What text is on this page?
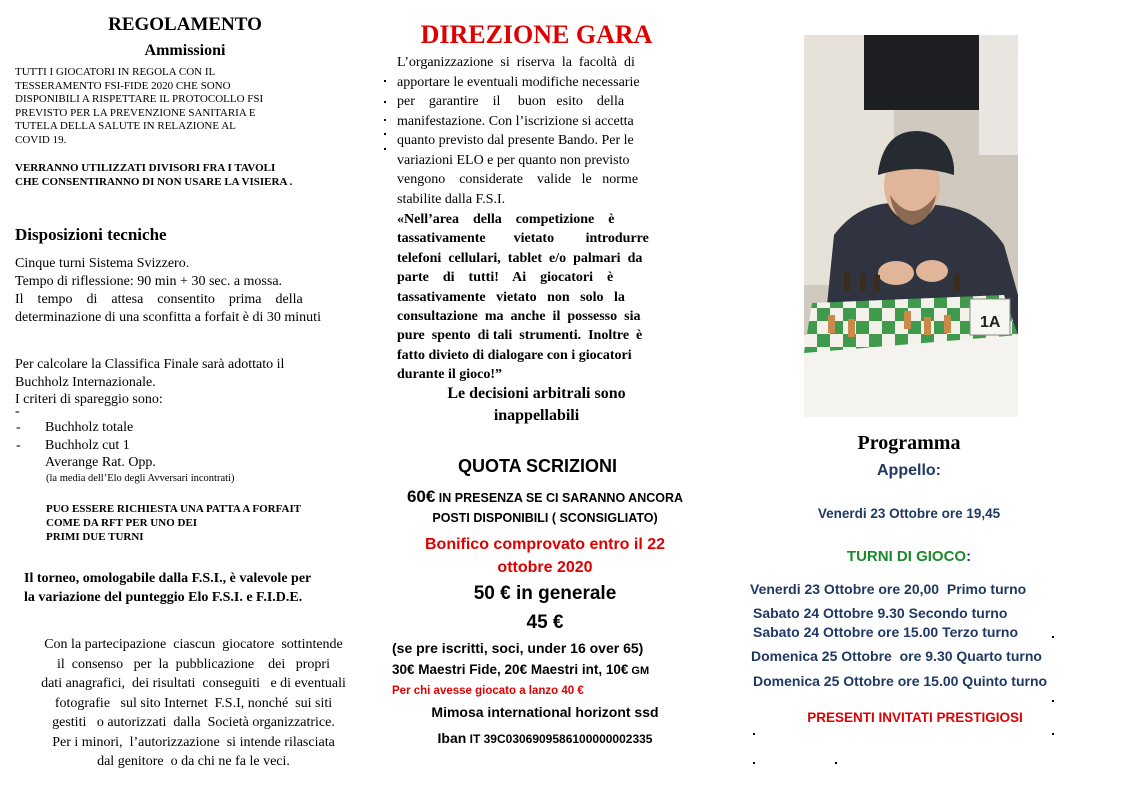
REGOLAMENTO
Ammissioni
TUTTI I GIOCATORI IN REGOLA CON IL
TESSERAMENTO FSI-FIDE 2020 CHE SONO
DISPONIBILI A RISPETTARE IL PROTOCOLLO FSI
PREVISTO PER LA PREVENZIONE SANITARIA E
TUTELA DELLA SALUTE IN RELAZIONE AL
COVID 19.
VERRANNO UTILIZZATI DIVISORI FRA I TAVOLI
CHE CONSENTIRANNO DI NON USARE LA VISIERA .
Disposizioni tecniche
Cinque turni Sistema Svizzero.
Tempo di riflessione: 90 min + 30 sec. a mossa.
Il    tempo    di    attesa    consentito    prima    della
determinazione di una sconfitta a forfait è di 30 minuti
Per calcolare la Classifica Finale sarà adottato il
Buchholz Internazionale.
I criteri di spareggio sono:
-
- Buchholz totale
- Buchholz cut 1
Averange Rat. Opp.
(la media dell’Elo degli Avversari incontrati)
PUO ESSERE RICHIESTA UNA PATTA A FORFAIT
COME DA RFT PER UNO DEI
PRIMI DUE TURNI
Il torneo, omologabile dalla F.S.I., è valevole per
la variazione del punteggio Elo F.S.I. e F.I.D.E.
Con la partecipazione  ciascun  giocatore  sottintende
il  consenso   per  la  pubblicazione    dei   propri
dati anagrafici,  dei risultati  conseguiti   e di eventuali
fotografie   sul sito Internet  F.S.I, nonché  sui siti
gestiti   o autorizzati  dalla  Società organizzatrice.
Per i minori,  l’autorizzazione  si intende rilasciata
dal genitore  o da chi ne fa le veci.
DIREZIONE GARA
L’organizzazione  si  riserva  la  facoltà  di
apportare le eventuali modifiche necessarie
per    garantire    il     buon   esito    della
manifestazione. Con l’iscrizione si accetta
quanto previsto dal presente Bando. Per le
variazioni ELO e per quanto non previsto
vengono    considerate    valide   le   norme
stabilite dalla F.S.I.
«Nell’area    della    competizione    è
tassativamente        vietato         introdurre
telefoni  cellulari,  tablet  e/o  palmari  da
parte    di    tutti!    Ai    giocatori    è
tassativamente   vietato   non   solo   la
consultazione  ma  anche  il  possesso  sia
pure  spento  di tali  strumenti.  Inoltre  è
fatto divieto di dialogare con i giocatori
durante il gioco!”
Le decisioni arbitrali sono
inappellabili
QUOTA SCRIZIONI
60€ IN PRESENZA SE CI SARANNO ANCORA
POSTI DISPONIBILI ( SCONSIGLIATO)
Bonifico comprovato entro il 22
ottobre 2020
50 € in generale
45 €
(se pre iscritti, soci, under 16 over 65)
30€ Maestri Fide, 20€ Maestri int, 10€ GM
Per chi avesse giocato a lanzo 40 €
Mimosa international horizont ssd
Iban IT 39C0306909586100000002335
1A
Programma
Appello:
Venerdi 23 Ottobre ore 19,45
TURNI DI GIOCO:
Venerdi 23 Ottobre ore 20,00  Primo turno
Sabato 24 Ottobre 9.30 Secondo turno
Sabato 24 Ottobre ore 15.00 Terzo turno
Domenica 25 Ottobre  ore 9.30 Quarto turno
Domenica 25 Ottobre ore 15.00 Quinto turno
PRESENTI INVITATI PRESTIGIOSI
